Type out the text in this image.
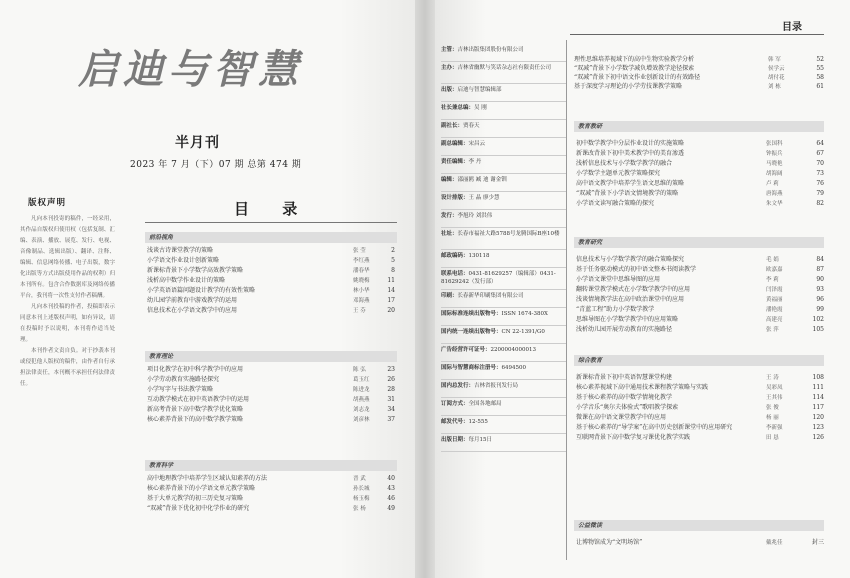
启迪与智慧
半月刊
2023 年 7 月（下）07 期 总第 474 期
版权声明

凡向本刊投寄的稿件，一经采用，其作品自版权归使用权（包括复制、汇编、表演、播放、展览、发行、电视、音像制品、选辑出版）、翻译、注释、编辑、信息网络传播、电子出版，数字化出版等方式出版使用作品的权利）归本刊所有。包含合作数据库及网络传播平台，我刊将一次性支付作者稿酬。

凡向本刊投稿的作者，投稿即表示同意本刊上述版权声明，如有异议，请在投稿时予以说明，本刊将作适当处理。

本刊作者文责自负。对于抄袭本刊或侵犯他人版权的稿件，由作者自行承担法律责任，本刊概不承担任何法律责任。

目 录
前沿视角
浅谈古诗课堂教学的策略	张 莹	2
小学语文作业设计创新策略	李红燕	5
新课标背景下小学数学高效教学策略	潘春华	8
浅析高中数学作业设计的策略	姚晓梅	11
小学英语语篇问题设计教学的有效性策略	林小华	14
幼儿园学前教育中游戏教学的运用	邓海燕	17
信息技术在小学语文教学中的应用	王 芬	20
教育理论
项目化教学在初中科学教学中的应用	陈 弘	23
小学劳动教育实施路径探究	葛玉红	26
小学写字与书法教学策略	陈进龙	28
互动教学模式在初中英语教学中的运用	胡燕燕	31
新高考背景下高中数学教学优化策略	刘志龙	34
核心素养背景下的高中数学教学策略	刘彦林	37
教育科学
高中地理教学中培养学生区域认知素养的方法	晋 武	40
核心素养背景下的小学语文单元教学策略	孙长城	43
基于大单元教学的初三历史复习策略	杨玉梅	46
“双减”背景下优化初中化学作业的研究	张 杨	49
主管：吉林出版集团股份有限公司
主办：吉林省幽默与笑话杂志社有限责任公司
出版：启迪与智慧编辑部
社长兼总编：吴 刚
副社长：贾春天
副总编辑：宋昌云
责任编辑：李 丹
编辑：邵丽鸥 臧 迪 谢金钏
设计排版：王 晶 廖少慧
发行：李旭玲 刘洪伟
社址：长春市福祉大路5788号龙腾国际B座10楼
邮政编码：130118
联系电话：0431-81629257（编辑部）0431-81629242（发行部）
印刷：长春新华印刷集团有限公司
国际标准连续出版物号：ISSN 1674-380X
国内统一连续出版物号：CN 22-1391/G0
广告经营许可证号：2200004000013
国际与智慧商标注册号：6494500
国内总发行：吉林省报刊发行局
订阅方式：全国各地邮局
邮发代号：12-555
出版日期：每月15日
目录
理性思维培养视域下的高中生物实验教学分析	韩 军	52
“双减”背景下小学数学减负增效教学途径探索	侯学云	55
“双减”背景下初中语文作业创新设计的有效路径	胡付花	58
基于深度学习理论的小学劳技课教学策略	刘 栋	61
教育教研
初中数学教学中分层作业设计的实施策略	张国科	64
新课改背景下初中美术教学中的美育渗透	钟振兵	67
浅析信息技术与小学数学教学的融合	马晓艳	70
小学数学主题单元教学策略探究	胡海阔	73
高中语文教学中培养学生语文思维的策略	卢 莉	76
“双减”背景下小学语文情境教学的策略	唐海燕	79
小学语文读写融合策略的探究	朱文华	82
教育研究
信息技术与小学数学教学的融合策略探究	毛 娟	84
基于任务驱动模式的初中语文整本书阅读教学	欧嘉嘉	87
小学语文课堂中思维导图的应用	李 莉	90
翻转课堂教学模式在小学数学教学中的应用	闫泽霞	93
浅谈情境教学法在高中政治课堂中的应用	黄福丽	96
“青蓝工程”助力小学数学教学	潘艳霞	99
思维导图在小学数学教学中的应用策略	高建亮	102
浅析幼儿园开展劳动教育的实施路径	张 萍	105
综合教育
新课标背景下初中英语智慧课堂构建	王 涛	108
核心素养视域下高中通用技术课程教学策略与实践	吴彩凤	111
基于核心素养的高中数学情境化教学	王其伟	114
小学音乐“奥尔夫体验式”歌唱教学探索	张 俊	117
微课在高中语文课堂教学中的应用	杨 丽	120
基于核心素养的“导学案”在高中历史创新课堂中的应用研究	李新强	123
互联网背景下高中数学复习课优化教学实践	田 恳	126
公益微读
让博物馆成为“文明场馆”	戴兆佳	封三
